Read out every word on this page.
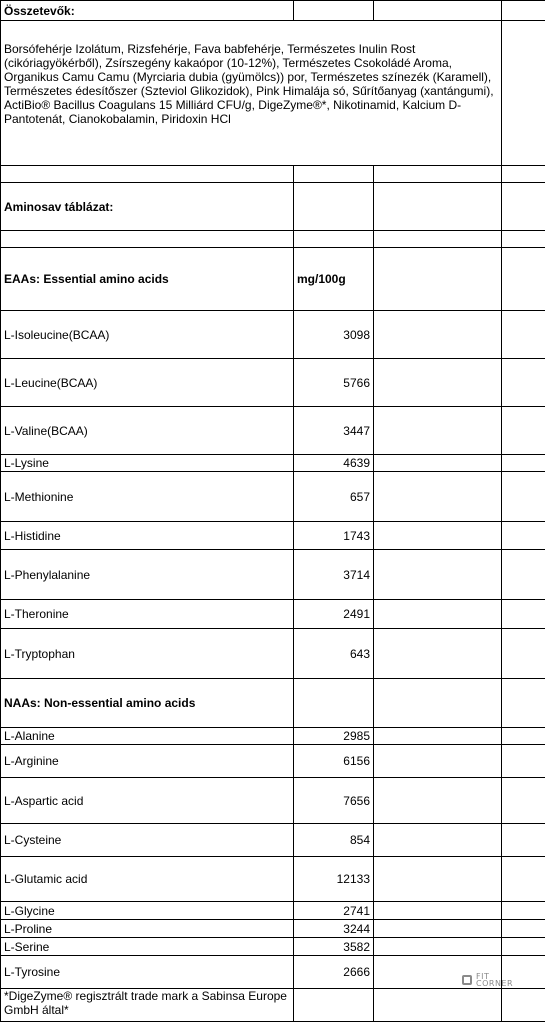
Összetevők:			
Borsófehérje Izolátum, Rizsfehérje, Fava babfehérje, Természetes Inulin Rost (cikóriagyökérből), Zsírszegény kakaópor (10-12%), Természetes Csokoládé Aroma, Organikus Camu Camu (Myrciaria dubia (gyümölcs)) por, Természetes színezék (Karamell), Természetes édesítőszer (Szteviol Glikozidok), Pink Himalája só, Sűrítőanyag (xantángumi), ActiBio® Bacillus Coagulans 15 Milliárd CFU/g, DigeZyme®*, Nikotinamid, Kalcium D-Pantotenát, Cianokobalamin, Piridoxin HCl			

Aminosav táblázat:			

EAAs: Essential amino acids	mg/100g		
L-Isoleucine(BCAA)	3098		
L-Leucine(BCAA)	5766		
L-Valine(BCAA)	3447		
L-Lysine	4639		
L-Methionine	657		
L-Histidine	1743		
L-Phenylalanine	3714		
L-Theronine	2491		
L-Tryptophan	643		
NAAs: Non-essential amino acids			
L-Alanine	2985		
L-Arginine	6156		
L-Aspartic acid	7656		
L-Cysteine	854		
L-Glutamic acid	12133		
L-Glycine	2741		
L-Proline	3244		
L-Serine	3582		
L-Tyrosine	2666		
*DigeZyme® regisztrált trade mark a Sabinsa Europe GmbH által*			
FIT
CORNER
